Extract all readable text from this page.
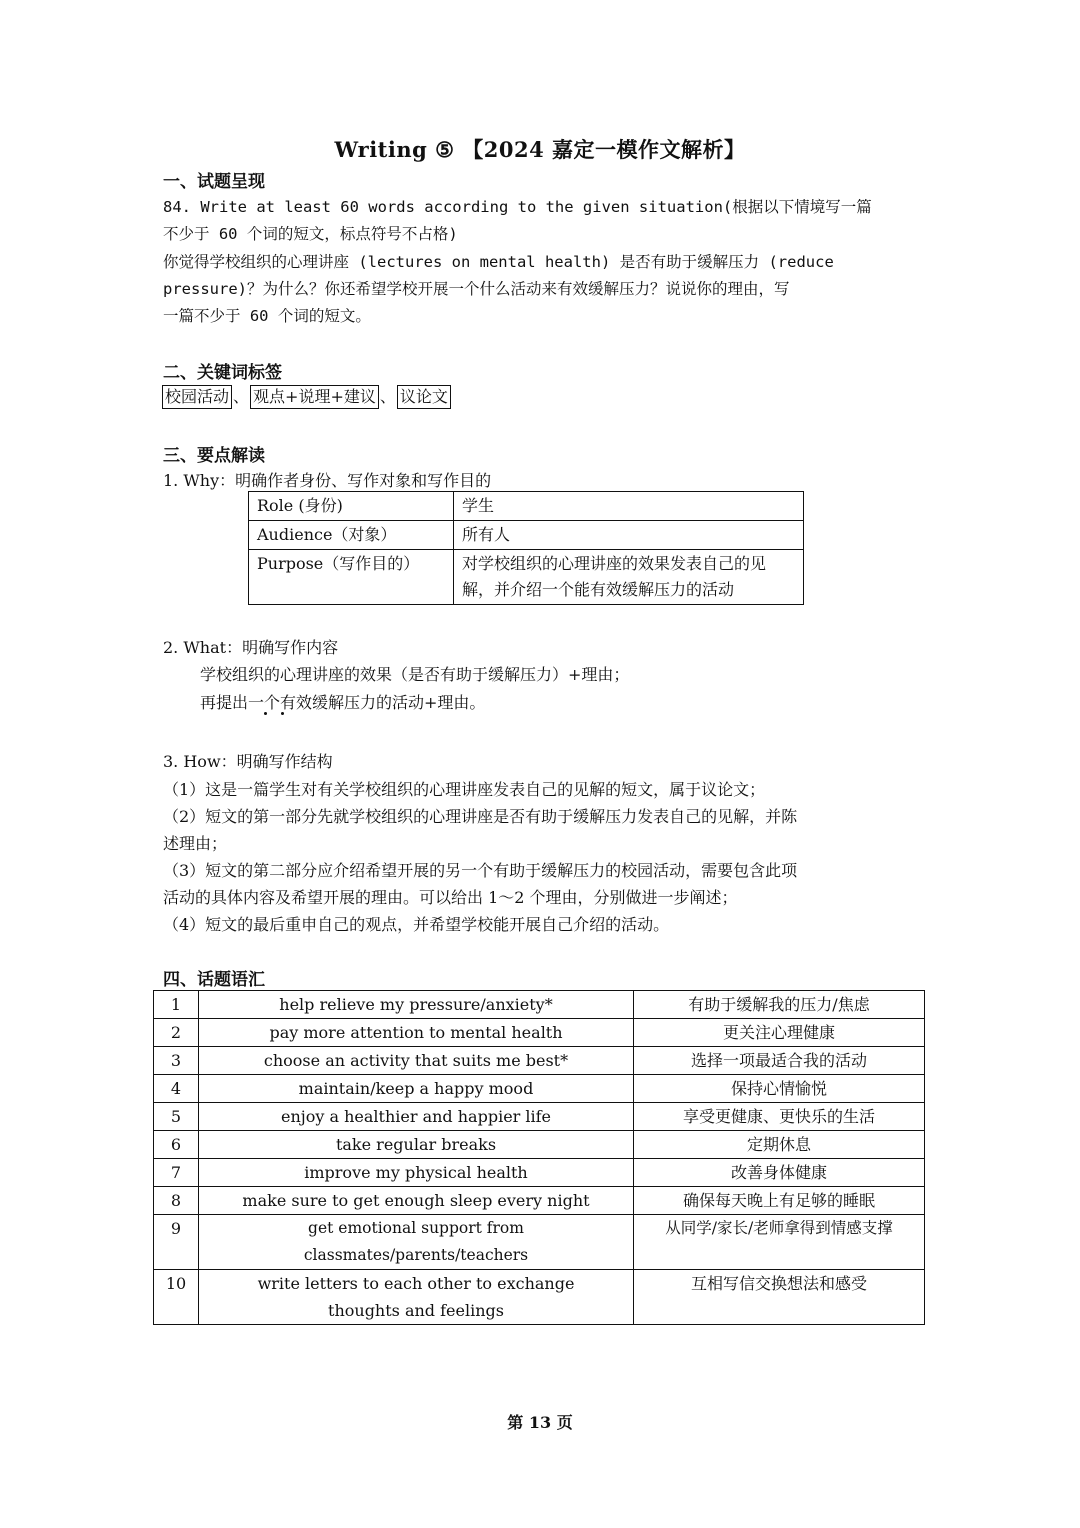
Writing ⑤ 【2024 嘉定一模作文解析】
一、试题呈现
84. Write at least 60 words according to the given situation(根据以下情境写一篇
不少于 60 个词的短文，标点符号不占格)
你觉得学校组织的心理讲座 (lectures on mental health) 是否有助于缓解压力 (reduce
pressure)？为什么？你还希望学校开展一个什么活动来有效缓解压力？说说你的理由，写
一篇不少于 60 个词的短文。
二、关键词标签
校园活动 、 观点+说理+建议 、 议论文
三、要点解读
1. Why：明确作者身份、写作对象和写作目的
Role (身份)	学生
Audience（对象）	所有人
Purpose（写作目的）	对学校组织的心理讲座的效果发表自己的见解，并介绍一个能有效缓解压力的活动
2. What：明确写作内容
学校组织的心理讲座的效果（是否有助于缓解压力）+理由；
再提出一个有效缓解压力的活动+理由。
3. How：明确写作结构
（1）这是一篇学生对有关学校组织的心理讲座发表自己的见解的短文，属于议论文；
（2）短文的第一部分先就学校组织的心理讲座是否有助于缓解压力发表自己的见解，并陈
述理由；
（3）短文的第二部分应介绍希望开展的另一个有助于缓解压力的校园活动，需要包含此项
活动的具体内容及希望开展的理由。可以给出 1～2 个理由，分别做进一步阐述；
（4）短文的最后重申自己的观点，并希望学校能开展自己介绍的活动。
四、话题语汇
1	help relieve my pressure/anxiety*	有助于缓解我的压力/焦虑
2	pay more attention to mental health	更关注心理健康
3	choose an activity that suits me best*	选择一项最适合我的活动
4	maintain/keep a happy mood	保持心情愉悦
5	enjoy a healthier and happier life	享受更健康、更快乐的生活
6	take regular breaks	定期休息
7	improve my physical health	改善身体健康
8	make sure to get enough sleep every night	确保每天晚上有足够的睡眠
9	get emotional support from classmates/parents/teachers	从同学/家长/老师拿得到情感支撑
10	write letters to each other to exchange thoughts and feelings	互相写信交换想法和感受
第 13 页
